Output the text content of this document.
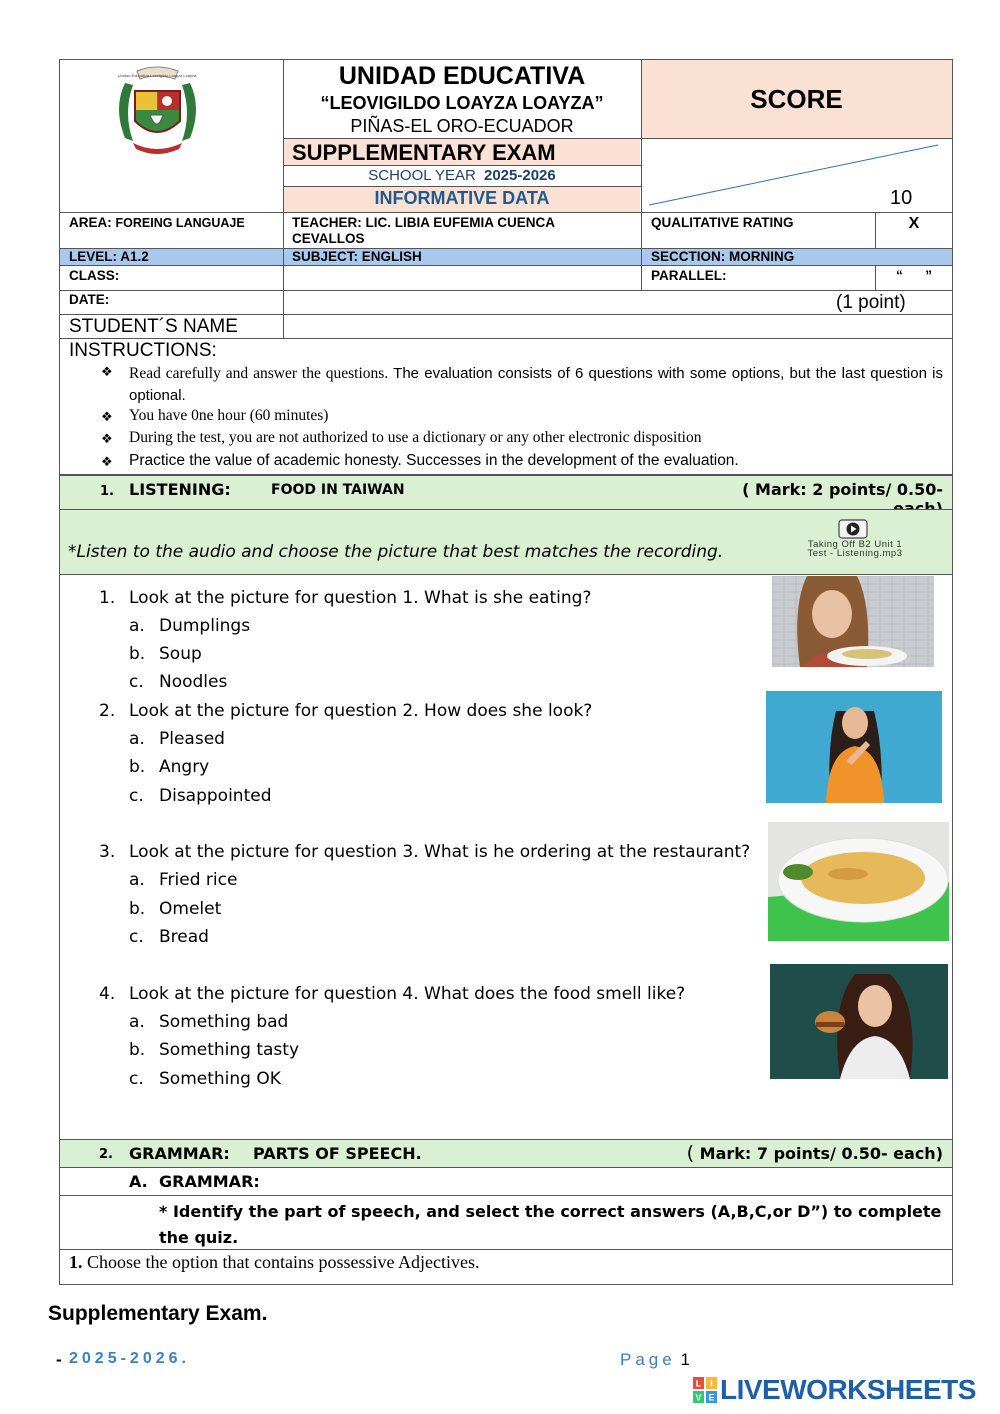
Unidad Educativa Leovigildo Loayza Loayza	UNIDAD EDUCATIVA
“LEOVIGILDO LOAYZA LOAYZA”
PIÑAS-EL ORO-ECUADOR
SUPPLEMENTARY EXAM
SCHOOL YEAR 2025-2026
INFORMATIVE DATA
SCORE
10
AREA: FOREING LANGUAJE	TEACHER: LIC. LIBIA EUFEMIA CUENCA CEVALLOS
QUALITATIVE RATING	X
LEVEL: A1.2	SUBJECT: ENGLISH	SECCTION: MORNING
CLASS:	PARALLEL:	“      ”
DATE:	(1 point)
STUDENT´S NAME
INSTRUCTIONS:
❖ Read carefully and answer the questions. The evaluation consists of 6 questions with some options, but the last question is optional.
❖ You have 0ne hour (60 minutes)
❖ During the test, you are not authorized to use a dictionary or any other electronic disposition
❖ Practice the value of academic honesty. Successes in the development of the evaluation.
1. LISTENING:	FOOD IN TAIWAN	( Mark: 2 points/ 0.50-
*Listen to the audio and choose the picture that best matches the recording.	Taking Off B2 Unit 1
Test - Listening.mp3
1. Look at the picture for question 1. What is she eating?
a. Dumplings
b. Soup
c. Noodles
2. Look at the picture for question 2. How does she look?
a. Pleased
b. Angry
c. Disappointed
3. Look at the picture for question 3. What is he ordering at the restaurant?
a. Fried rice
b. Omelet
c. Bread
4. Look at the picture for question 4. What does the food smell like?
a. Something bad
b. Something tasty
c. Something OK
2. GRAMMAR: PARTS OF SPEECH.	( Mark: 7 points/ 0.50- each)
A. GRAMMAR:
* Identify the part of speech, and select the correct answers (A,B,C,or D”) to complete the quiz.
1. Choose the option that contains possessive Adjectives.
Supplementary Exam.
- 2025-2026.	Page 1
L I
V E LIVEWORKSHEETS
